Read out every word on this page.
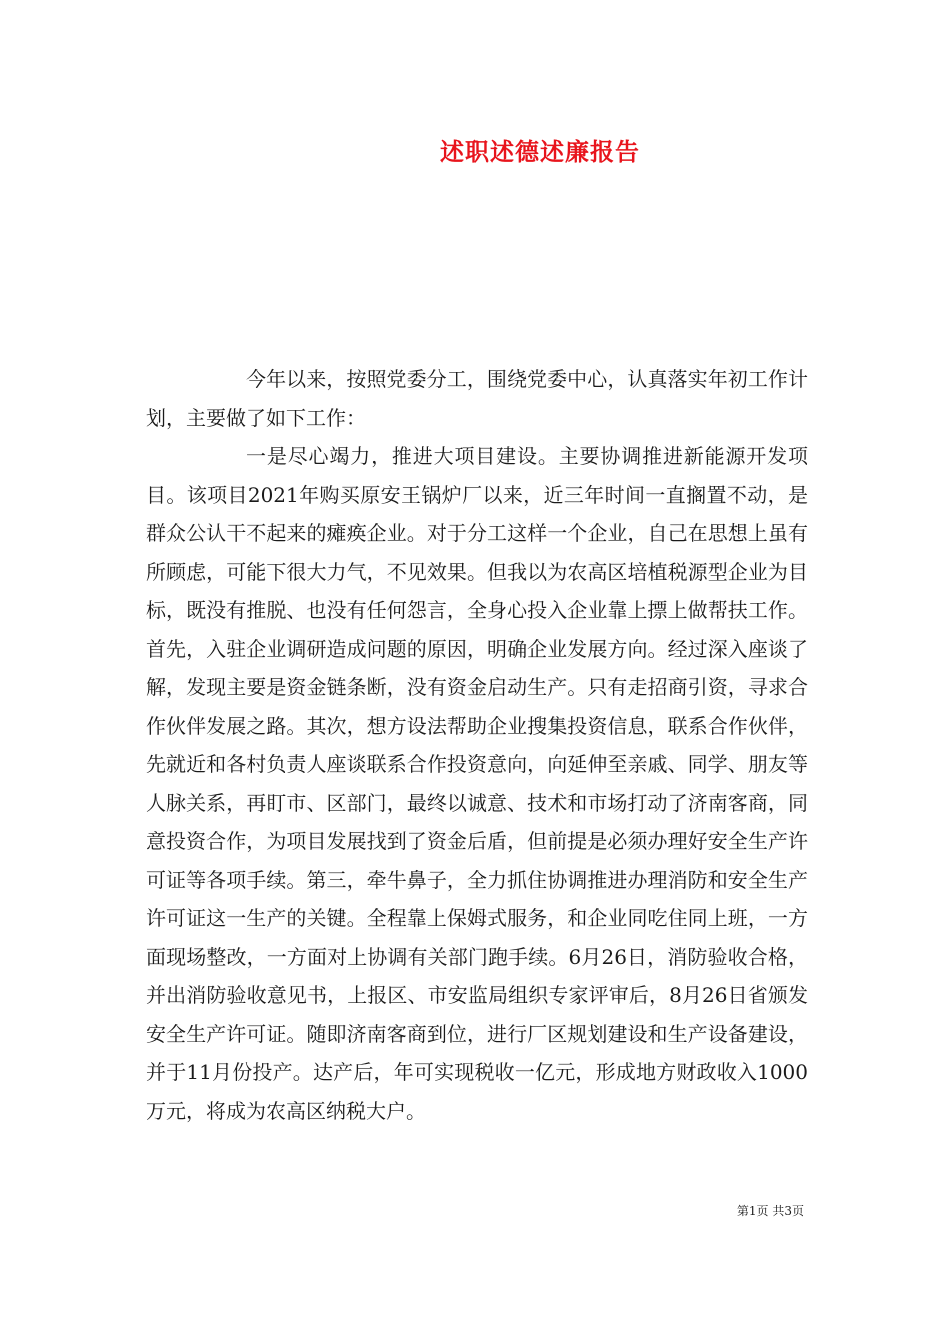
述职述德述廉报告

今年以来，按照党委分工，围绕党委中心，认真落实年初工作计划，主要做了如下工作：

一是尽心竭力，推进大项目建设。主要协调推进新能源开发项目。该项目2021年购买原安王锅炉厂以来，近三年时间一直搁置不动，是群众公认干不起来的瘫痪企业。对于分工这样一个企业，自己在思想上虽有所顾虑，可能下很大力气，不见效果。但我以为农高区培植税源型企业为目标，既没有推脱、也没有任何怨言，全身心投入企业靠上摽上做帮扶工作。首先，入驻企业调研造成问题的原因，明确企业发展方向。经过深入座谈了解，发现主要是资金链条断，没有资金启动生产。只有走招商引资，寻求合作伙伴发展之路。其次，想方设法帮助企业搜集投资信息，联系合作伙伴，先就近和各村负责人座谈联系合作投资意向，向延伸至亲戚、同学、朋友等人脉关系，再盯市、区部门，最终以诚意、技术和市场打动了济南客商，同意投资合作，为项目发展找到了资金后盾，但前提是必须办理好安全生产许可证等各项手续。第三，牵牛鼻子，全力抓住协调推进办理消防和安全生产许可证这一生产的关键。全程靠上保姆式服务，和企业同吃住同上班，一方面现场整改，一方面对上协调有关部门跑手续。6月26日，消防验收合格，并出消防验收意见书，上报区、市安监局组织专家评审后，8月26日省颁发安全生产许可证。随即济南客商到位，进行厂区规划建设和生产设备建设，并于11月份投产。达产后，年可实现税收一亿元，形成地方财政收入1000万元，将成为农高区纳税大户。

第1页 共3页
